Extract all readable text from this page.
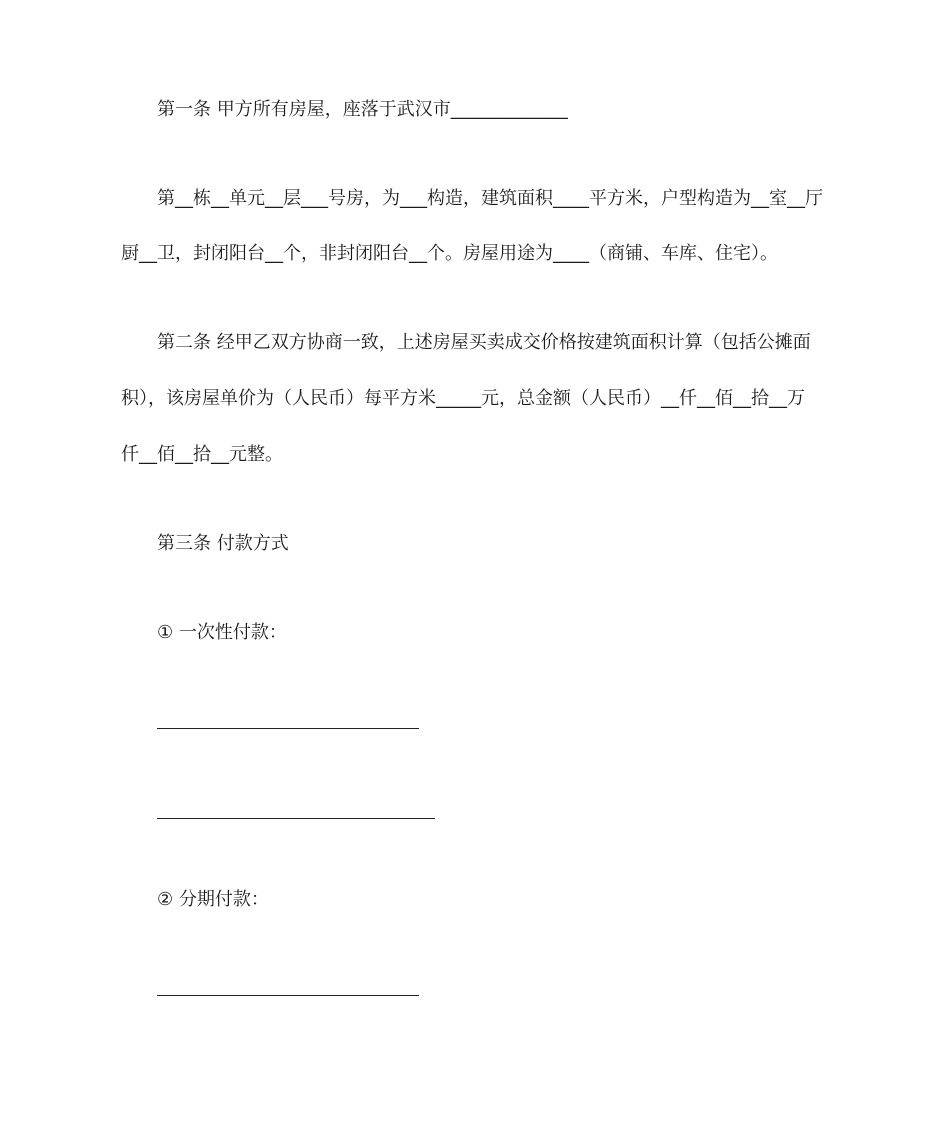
第一条 甲方所有房屋，座落于武汉市_____________
第__栋__单元__层___号房，为___构造，建筑面积____平方米，户型构造为__室__厅
厨__卫，封闭阳台__个，非封闭阳台__个。房屋用途为____（商铺、车库、住宅）。
第二条 经甲乙双方协商一致，上述房屋买卖成交价格按建筑面积计算（包括公摊面
积），该房屋单价为（人民币）每平方米_____元，总金额（人民币）__仟__佰__拾__万
仟__佰__拾__元整。
第三条 付款方式
① 一次性付款：
② 分期付款：
